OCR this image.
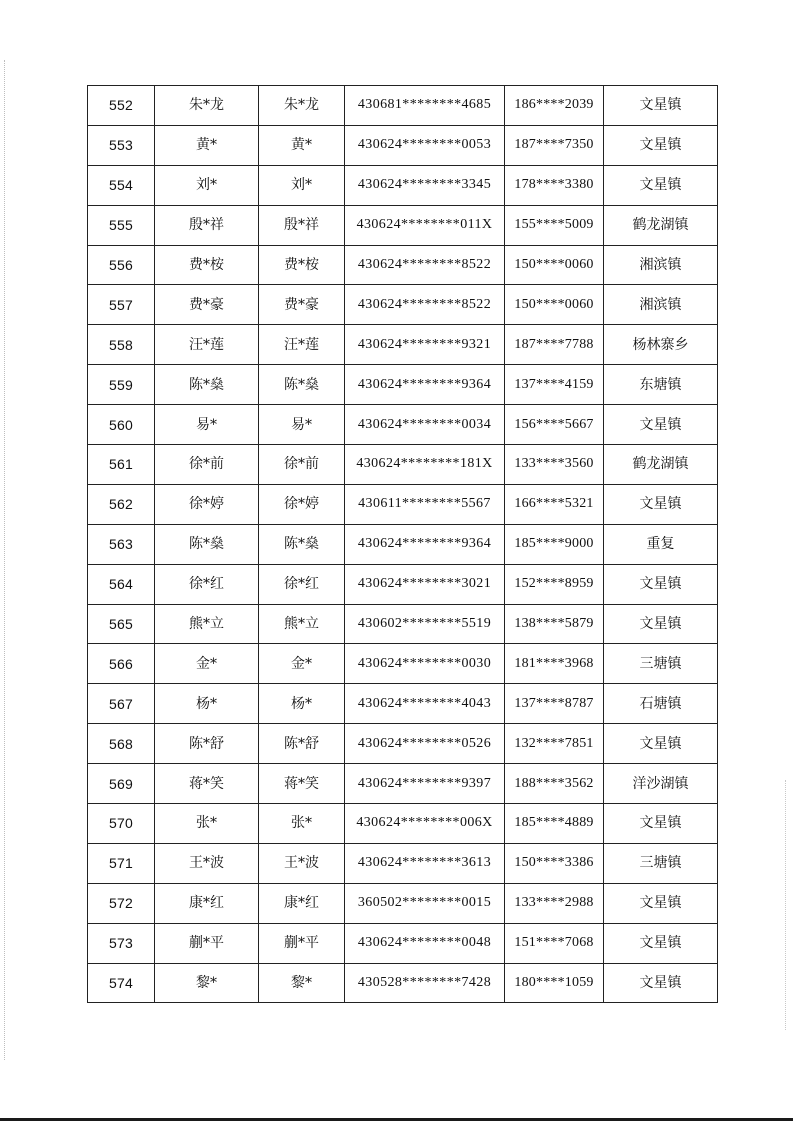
552	朱*龙	朱*龙	430681********4685	186****2039	文星镇
553	黄*	黄*	430624********0053	187****7350	文星镇
554	刘*	刘*	430624********3345	178****3380	文星镇
555	殷*祥	殷*祥	430624********011X	155****5009	鹤龙湖镇
556	费*桉	费*桉	430624********8522	150****0060	湘滨镇
557	费*豪	费*豪	430624********8522	150****0060	湘滨镇
558	汪*莲	汪*莲	430624********9321	187****7788	杨林寨乡
559	陈*燊	陈*燊	430624********9364	137****4159	东塘镇
560	易*	易*	430624********0034	156****5667	文星镇
561	徐*前	徐*前	430624********181X	133****3560	鹤龙湖镇
562	徐*婷	徐*婷	430611********5567	166****5321	文星镇
563	陈*燊	陈*燊	430624********9364	185****9000	重复
564	徐*红	徐*红	430624********3021	152****8959	文星镇
565	熊*立	熊*立	430602********5519	138****5879	文星镇
566	金*	金*	430624********0030	181****3968	三塘镇
567	杨*	杨*	430624********4043	137****8787	石塘镇
568	陈*舒	陈*舒	430624********0526	132****7851	文星镇
569	蒋*笑	蒋*笑	430624********9397	188****3562	洋沙湖镇
570	张*	张*	430624********006X	185****4889	文星镇
571	王*波	王*波	430624********3613	150****3386	三塘镇
572	康*红	康*红	360502********0015	133****2988	文星镇
573	蒯*平	蒯*平	430624********0048	151****7068	文星镇
574	黎*	黎*	430528********7428	180****1059	文星镇
